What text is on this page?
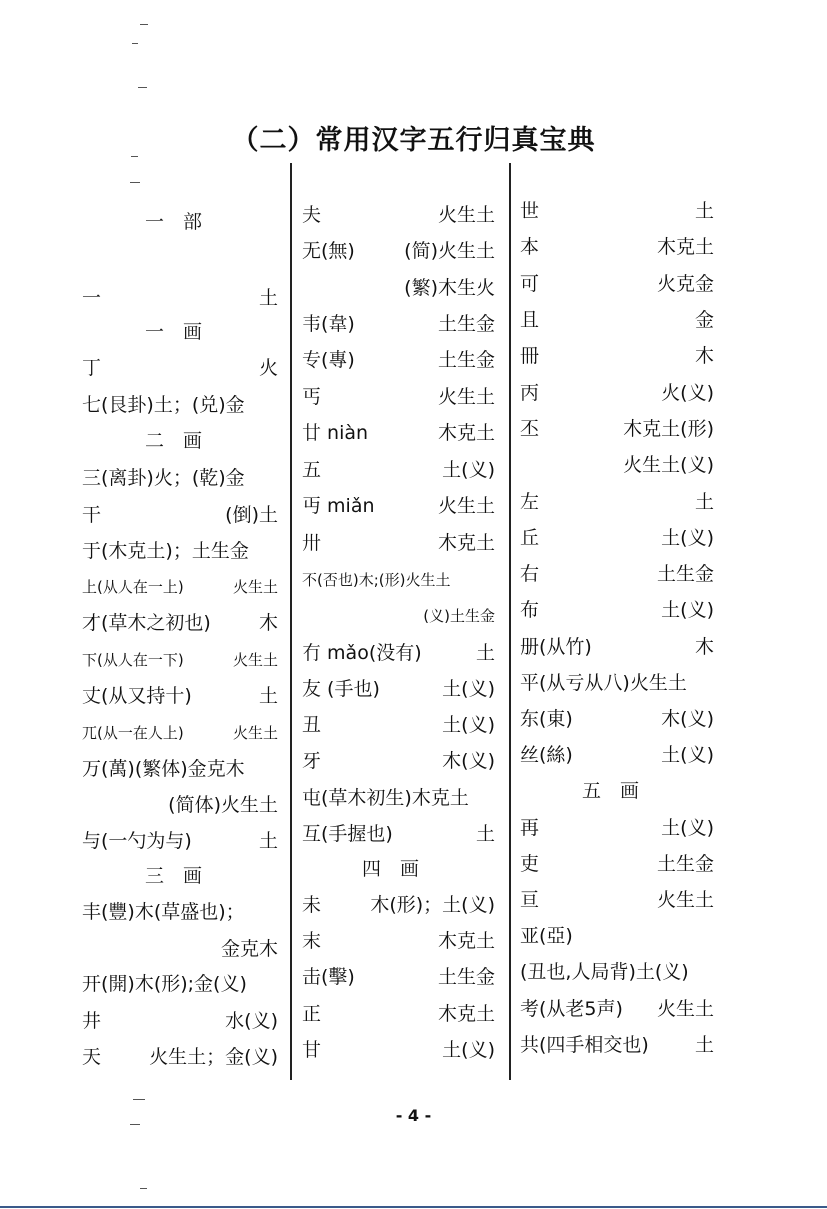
（二）常用汉字五行归真宝典
一　部
一	土
一　画
丁	火
七(艮卦)土；(兑)金
二　画
三(离卦)火；(乾)金
干	(倒)土
于(木克土)；土生金
上(从人在一上)	火生土
才(草木之初也)	木
下(从人在一下)	火生土
丈(从又持十)	土
兀(从一在人上)	火生土
万(萬)(繁体)金克木
(简体)火生土
与(一勺为与)	土
三　画
丰(豐)木(草盛也)；
金克木
开(開)木(形);金(义)
井	水(义)
天	火生土；金(义)
夫	火生土
无(無)	(简)火生土
(繁)木生火
韦(韋)	土生金
专(專)	土生金
丐	火生土
廿 niàn	木克土
五	土(义)
丏 miǎn	火生土
卅	木克土
不(否也)木;(形)火生土
(义)土生金
冇 mǎo(没有)	土
友 (手也)	土(义)
丑	土(义)
牙	木(义)
屯(草木初生)木克土
互(手握也)	土
四　画
未	木(形)；土(义)
末	木克土
击(擊)	土生金
正	木克土
甘	土(义)
世	土
本	木克土
可	火克金
且	金
冊	木
丙	火(义)
丕	木克土(形)
火生土(义)
左	土
丘	土(义)
右	土生金
布	土(义)
册(从竹)	木
平(从亏从八)火生土
东(東)	木(义)
丝(絲)	土(义)
五　画
再	土(义)
吏	土生金
亘	火生土
亚(亞)
(丑也,人局背)土(义)
考(从老5声) 火生土
共(四手相交也) 土
- 4 -
